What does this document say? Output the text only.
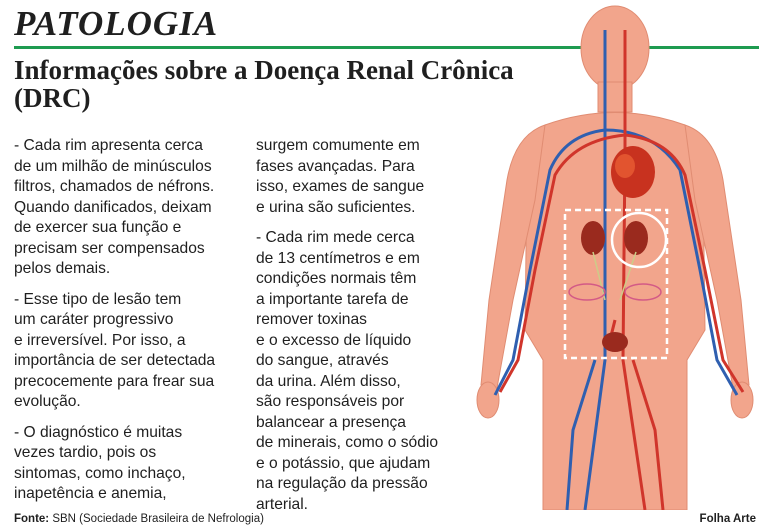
PATOLOGIA
Informações sobre a Doença Renal Crônica (DRC)

- Cada rim apresenta cerca
de um milhão de minúsculos
filtros, chamados de néfrons.
Quando danificados, deixam
de exercer sua função e
precisam ser compensados
pelos demais.

- Esse tipo de lesão tem
um caráter progressivo
e irreversível. Por isso, a
importância de ser detectada
precocemente para frear sua
evolução.

- O diagnóstico é muitas
vezes tardio, pois os
sintomas, como inchaço,
inapetência e anemia,

surgem comumente em
fases avançadas. Para
isso, exames de sangue
e urina são suficientes.

- Cada rim mede cerca
de 13 centímetros e em
condições normais têm
a importante tarefa de
remover toxinas
e o excesso de líquido
do sangue, através
da urina. Além disso,
são responsáveis por
balancear a presença
de minerais, como o sódio
e o potássio, que ajudam
na regulação da pressão
arterial.

Fonte: SBN (Sociedade Brasileira de Nefrologia)	Folha Arte
